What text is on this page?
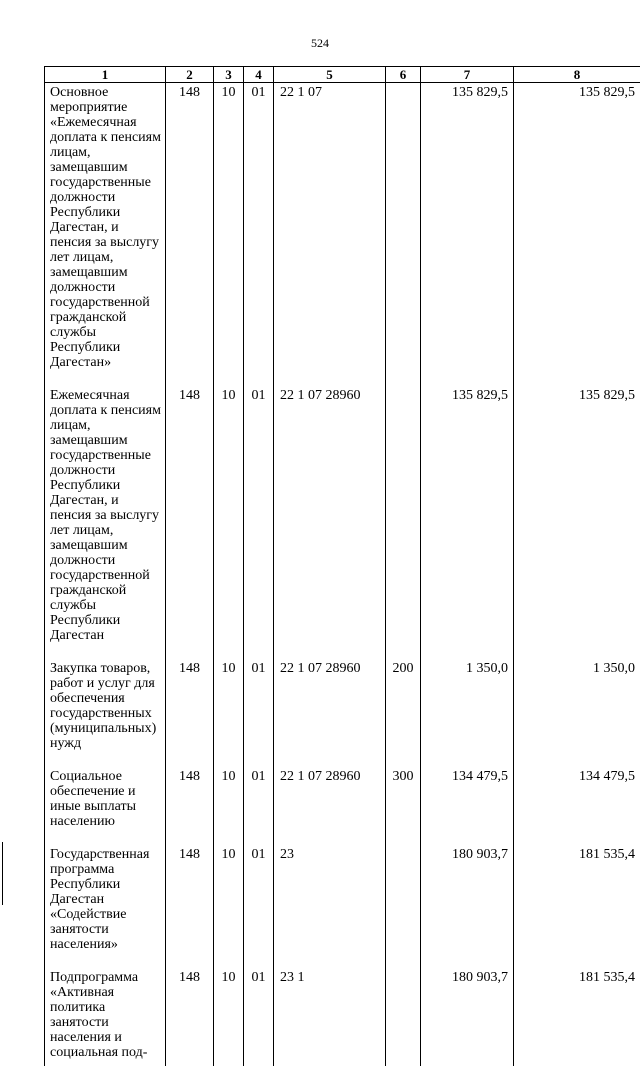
524
1	2	3	4	5	6	7	8
Основное мероприятие «Ежемесячная доплата к пенсиям лицам, замещавшим государственные должности Республики Дагестан, и пенсия за выслугу лет лицам, замещавшим должности государственной гражданской службы Республики Дагестан»	148	10	01	22 1 07		135 829,5	135 829,5

Ежемесячная доплата к пенсиям лицам, замещавшим государственные должности Республики Дагестан, и пенсия за выслугу лет лицам, замещавшим должности государственной гражданской службы Республики Дагестан	148	10	01	22 1 07 28960		135 829,5	135 829,5

Закупка товаров, работ и услуг для обеспечения государственных (муниципальных) нужд	148	10	01	22 1 07 28960	200	1 350,0	1 350,0

Социальное обеспечение и иные выплаты населению	148	10	01	22 1 07 28960	300	134 479,5	134 479,5

Государственная программа Республики Дагестан «Содействие занятости населения»	148	10	01	23		180 903,7	181 535,4

Подпрограмма «Активная политика занятости населения и социальная под-	148	10	01	23 1		180 903,7	181 535,4
